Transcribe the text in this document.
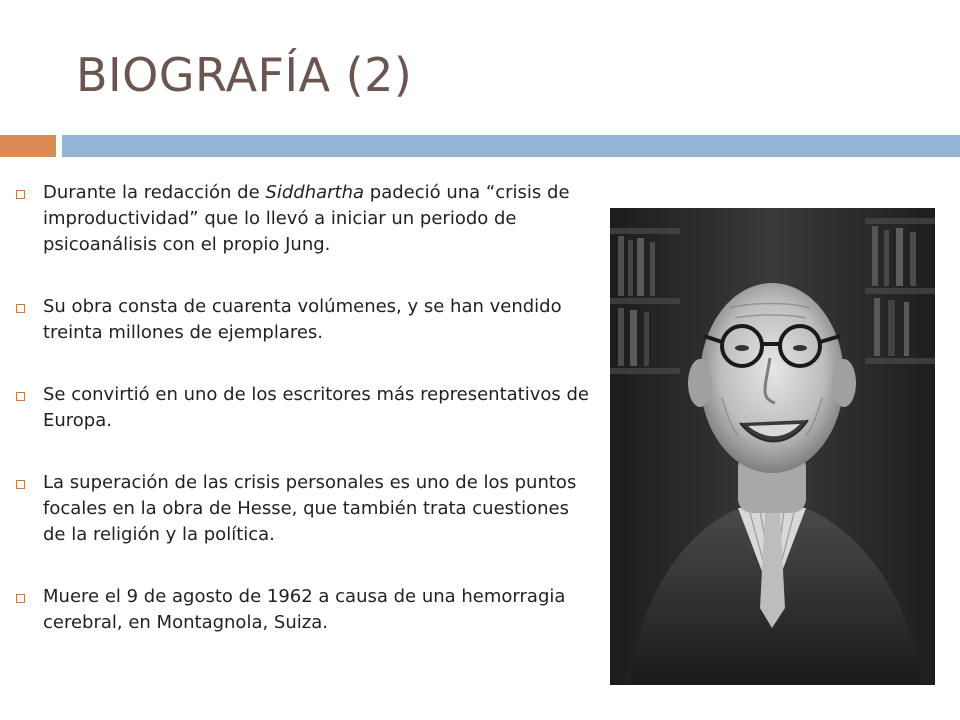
BIOGRAFÍA (2)
Durante la redacción de Siddhartha padeció una “crisis de improductividad” que lo llevó a iniciar un periodo de psicoanálisis con el propio Jung.
Su obra consta de cuarenta volúmenes, y se han vendido treinta millones de ejemplares.
Se convirtió en uno de los escritores más representativos de Europa.
La superación de las crisis personales es uno de los puntos focales en la obra de Hesse, que también trata cuestiones de la religión y la política.
Muere el 9 de agosto de 1962 a causa de una hemorragia cerebral, en Montagnola, Suiza.
